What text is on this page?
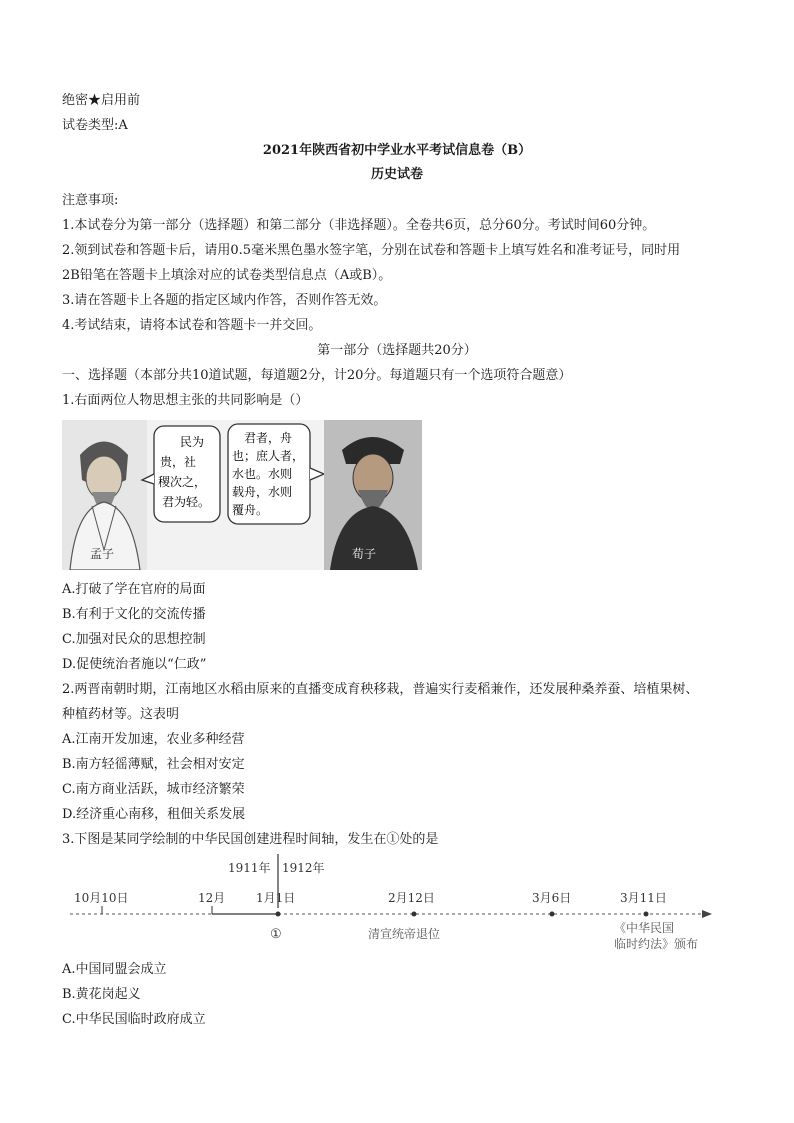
绝密★启用前
试卷类型:A
2021年陕西省初中学业水平考试信息卷（B）
历史试卷
注意事项:
1.本试卷分为第一部分（选择题）和第二部分（非选择题）。全卷共6页，总分60分。考试时间60分钟。
2.领到试卷和答题卡后，请用0.5毫米黑色墨水签字笔，分别在试卷和答题卡上填写姓名和准考证号，同时用
2B铅笔在答题卡上填涂对应的试卷类型信息点（A或B）。
3.请在答题卡上各题的指定区域内作答，否则作答无效。
4.考试结束，请将本试卷和答题卡一并交回。
第一部分（选择题共20分）
一、选择题（本部分共10道试题，每道题2分，计20分。每道题只有一个选项符合题意）
1.右面两位人物思想主张的共同影响是（）
民为
贵，社
稷次之，
君为轻。
君者，舟
也；庶人者，
水也。水则
载舟，水则
覆舟。
孟子	荀子
A.打破了学在官府的局面
B.有利于文化的交流传播
C.加强对民众的思想控制
D.促使统治者施以“仁政”
2.两晋南朝时期，江南地区水稻由原来的直播变成育秧移栽，普遍实行麦稻兼作，还发展种桑养蚕、培植果树、
种植药材等。这表明
A.江南开发加速，农业多种经营
B.南方轻徭薄赋，社会相对安定
C.南方商业活跃，城市经济繁荣
D.经济重心南移，租佃关系发展
3.下图是某同学绘制的中华民国创建进程时间轴，发生在①处的是
1911年 1912年
10月10日	12月	1月1日	2月12日	3月6日	3月11日
①	清宣统帝退位	《中华民国
临时约法》颁布
A.中国同盟会成立
B.黄花岗起义
C.中华民国临时政府成立
